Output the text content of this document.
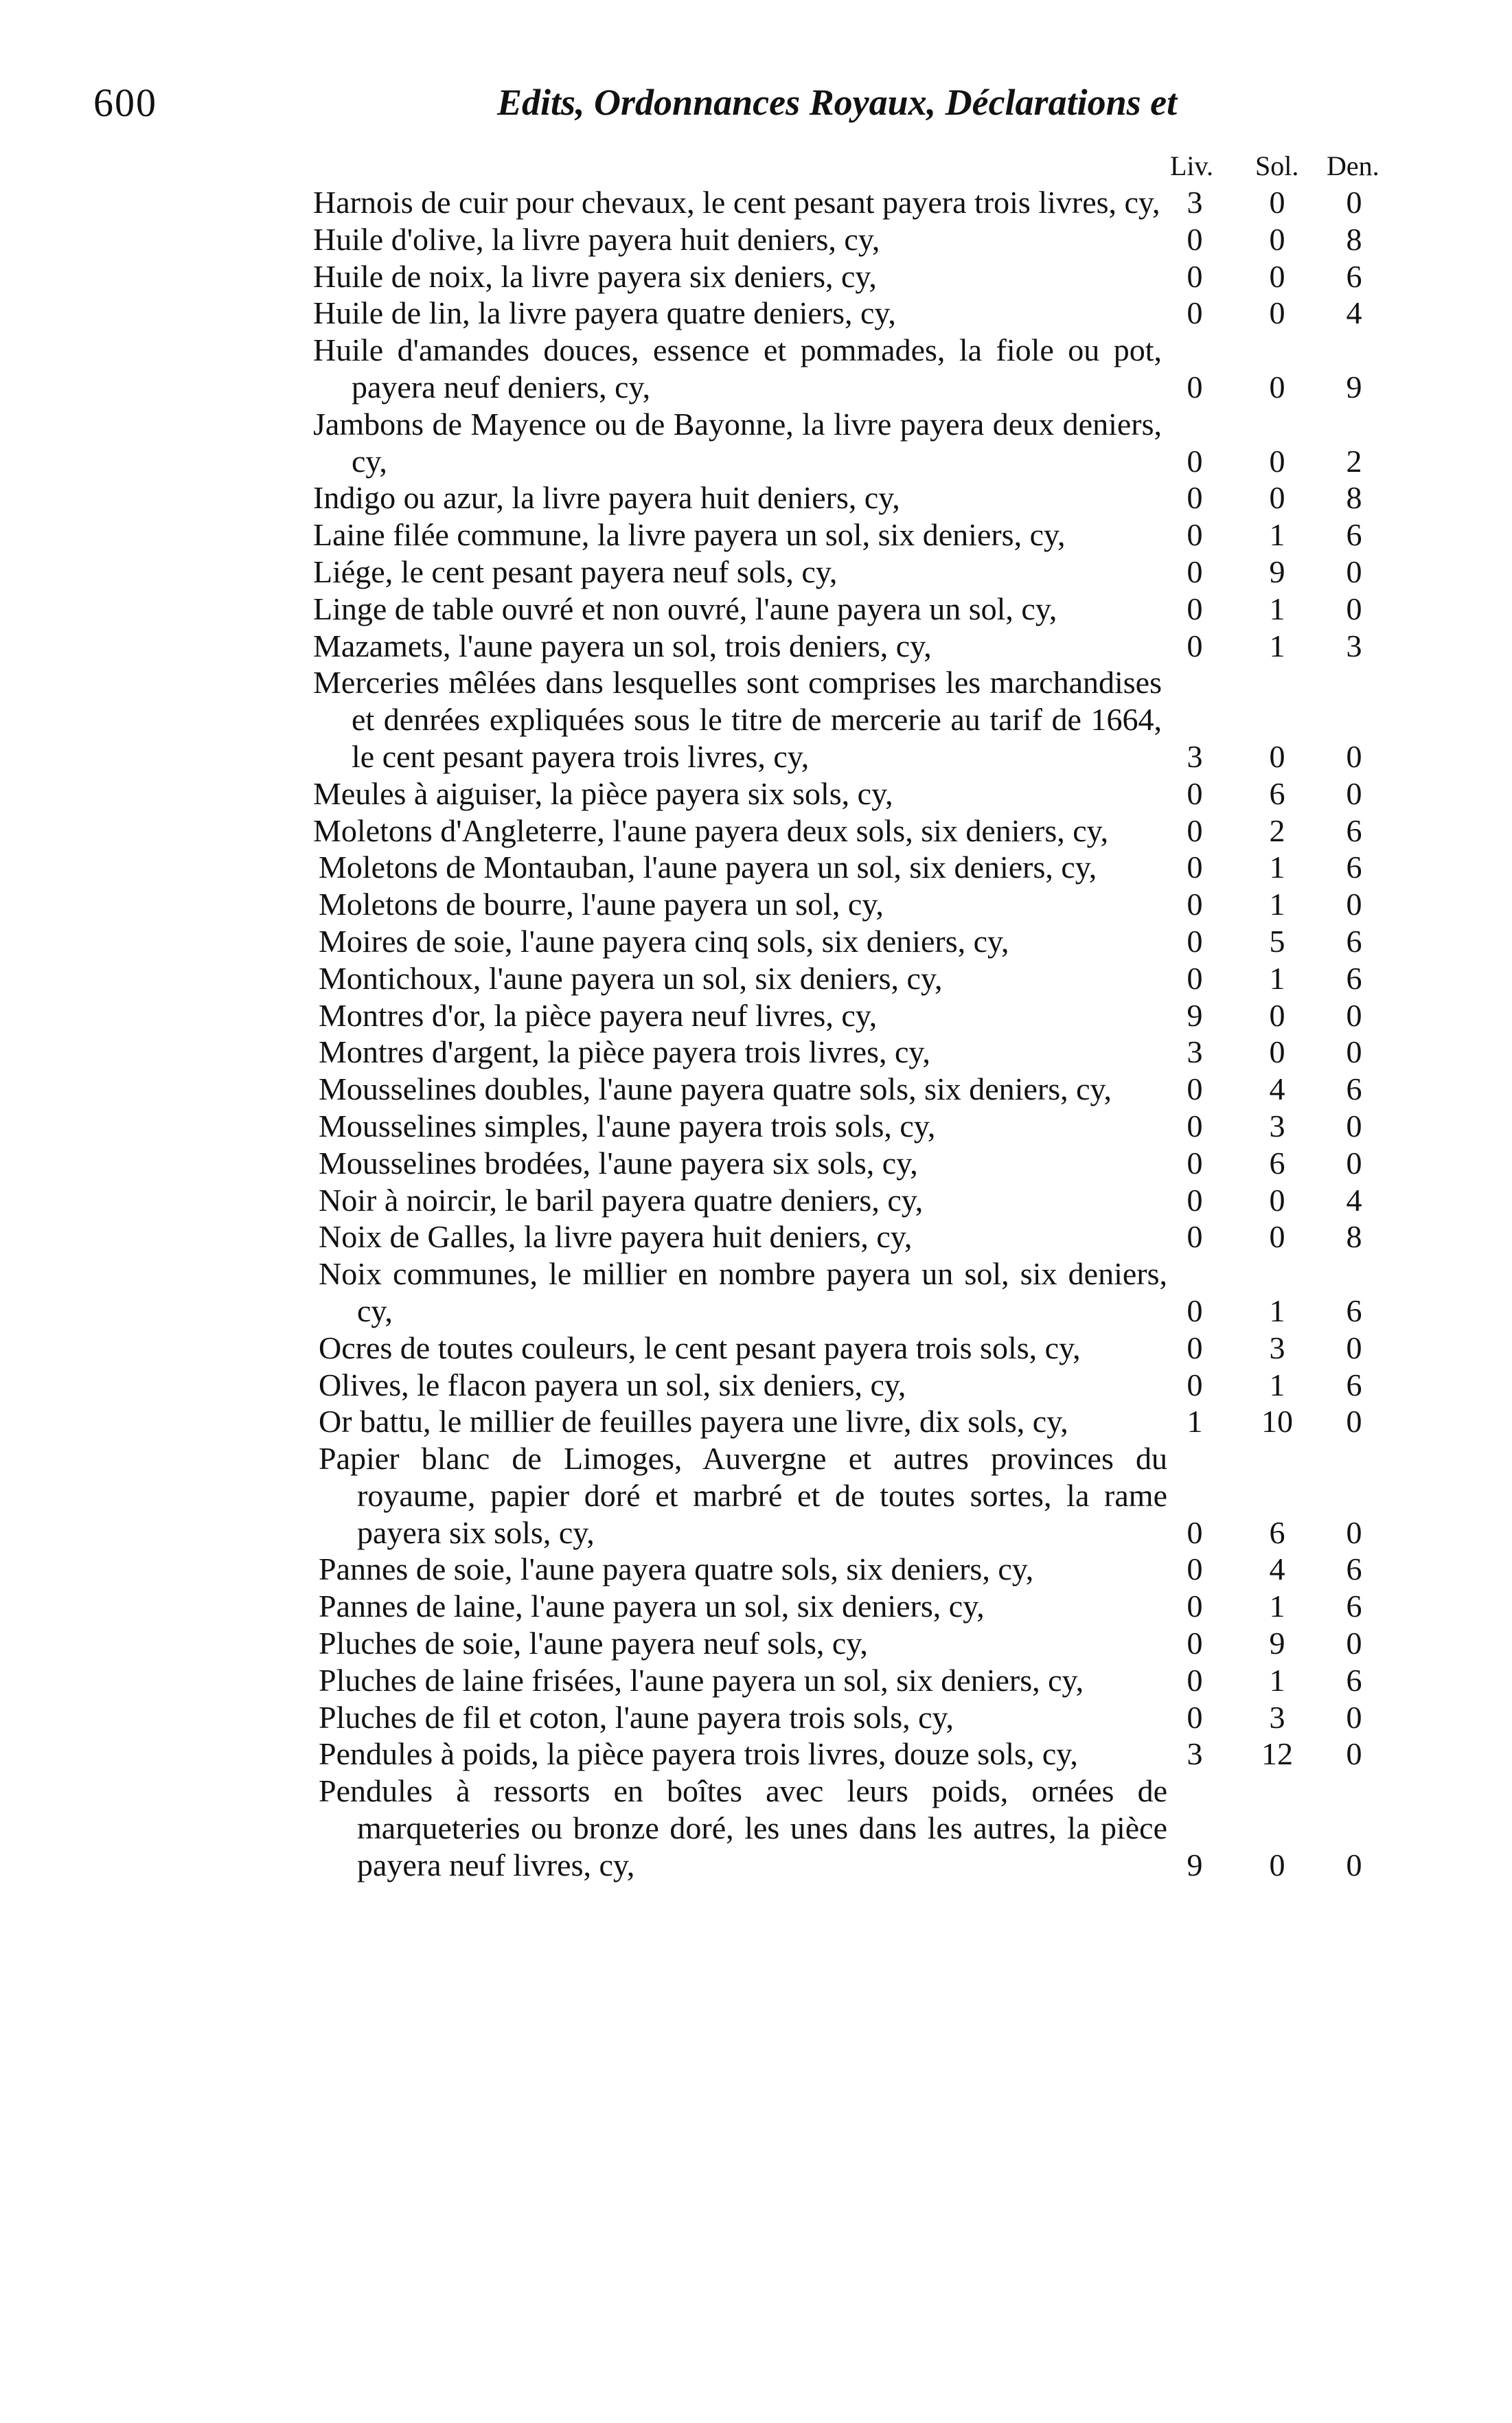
600	Edits, Ordonnances Royaux, Déclarations et
Liv. Sol. Den.
Harnois de cuir pour chevaux, le cent pesant payera trois livres, cy, 3	0	0
Huile d'olive, la livre payera huit deniers, cy,	0	0	8
Huile de noix, la livre payera six deniers, cy,	0	0	6
Huile de lin, la livre payera quatre deniers, cy,	0	0	4
Huile d'amandes douces, essence et pommades, la fiole ou pot, payera neuf deniers, cy,	0	0	9
Jambons de Mayence ou de Bayonne, la livre payera deux deniers, cy,	0	0	2
Indigo ou azur, la livre payera huit deniers, cy,	0	0	8
Laine filée commune, la livre payera un sol, six deniers, cy,	0	1	6
Liége, le cent pesant payera neuf sols, cy,	0	9	0
Linge de table ouvré et non ouvré, l'aune payera un sol, cy,	0	1	0
Mazamets, l'aune payera un sol, trois deniers, cy,	0	1	3
Merceries mêlées dans lesquelles sont comprises les marchandises et denrées expliquées sous le titre de mercerie au tarif de 1664, le cent pesant payera trois livres, cy,	3	0	0
Meules à aiguiser, la pièce payera six sols, cy,	0	6	0
Moletons d'Angleterre, l'aune payera deux sols, six deniers, cy,	0	2	6
Moletons de Montauban, l'aune payera un sol, six deniers, cy,	0	1	6
Moletons de bourre, l'aune payera un sol, cy,	0	1	0
Moires de soie, l'aune payera cinq sols, six deniers, cy,	0	5	6
Montichoux, l'aune payera un sol, six deniers, cy,	0	1	6
Montres d'or, la pièce payera neuf livres, cy,	9	0	0
Montres d'argent, la pièce payera trois livres, cy,	3	0	0
Mousselines doubles, l'aune payera quatre sols, six deniers, cy,	0	4	6
Mousselines simples, l'aune payera trois sols, cy,	0	3	0
Mousselines brodées, l'aune payera six sols, cy,	0	6	0
Noir à noircir, le baril payera quatre deniers, cy,	0	0	4
Noix de Galles, la livre payera huit deniers, cy,	0	0	8
Noix communes, le millier en nombre payera un sol, six deniers, cy,	0	1	6
Ocres de toutes couleurs, le cent pesant payera trois sols, cy,	0	3	0
Olives, le flacon payera un sol, six deniers, cy,	0	1	6
Or battu, le millier de feuilles payera une livre, dix sols, cy,	1	10	0
Papier blanc de Limoges, Auvergne et autres provinces du royaume, papier doré et marbré et de toutes sortes, la rame payera six sols, cy,	0	6	0
Pannes de soie, l'aune payera quatre sols, six deniers, cy,	0	4	6
Pannes de laine, l'aune payera un sol, six deniers, cy,	0	1	6
Pluches de soie, l'aune payera neuf sols, cy,	0	9	0
Pluches de laine frisées, l'aune payera un sol, six deniers, cy,	0	1	6
Pluches de fil et coton, l'aune payera trois sols, cy,	0	3	0
Pendules à poids, la pièce payera trois livres, douze sols, cy,	3	12	0
Pendules à ressorts en boîtes avec leurs poids, ornées de marqueteries ou bronze doré, les unes dans les autres, la pièce payera neuf livres, cy,	9	0	0
